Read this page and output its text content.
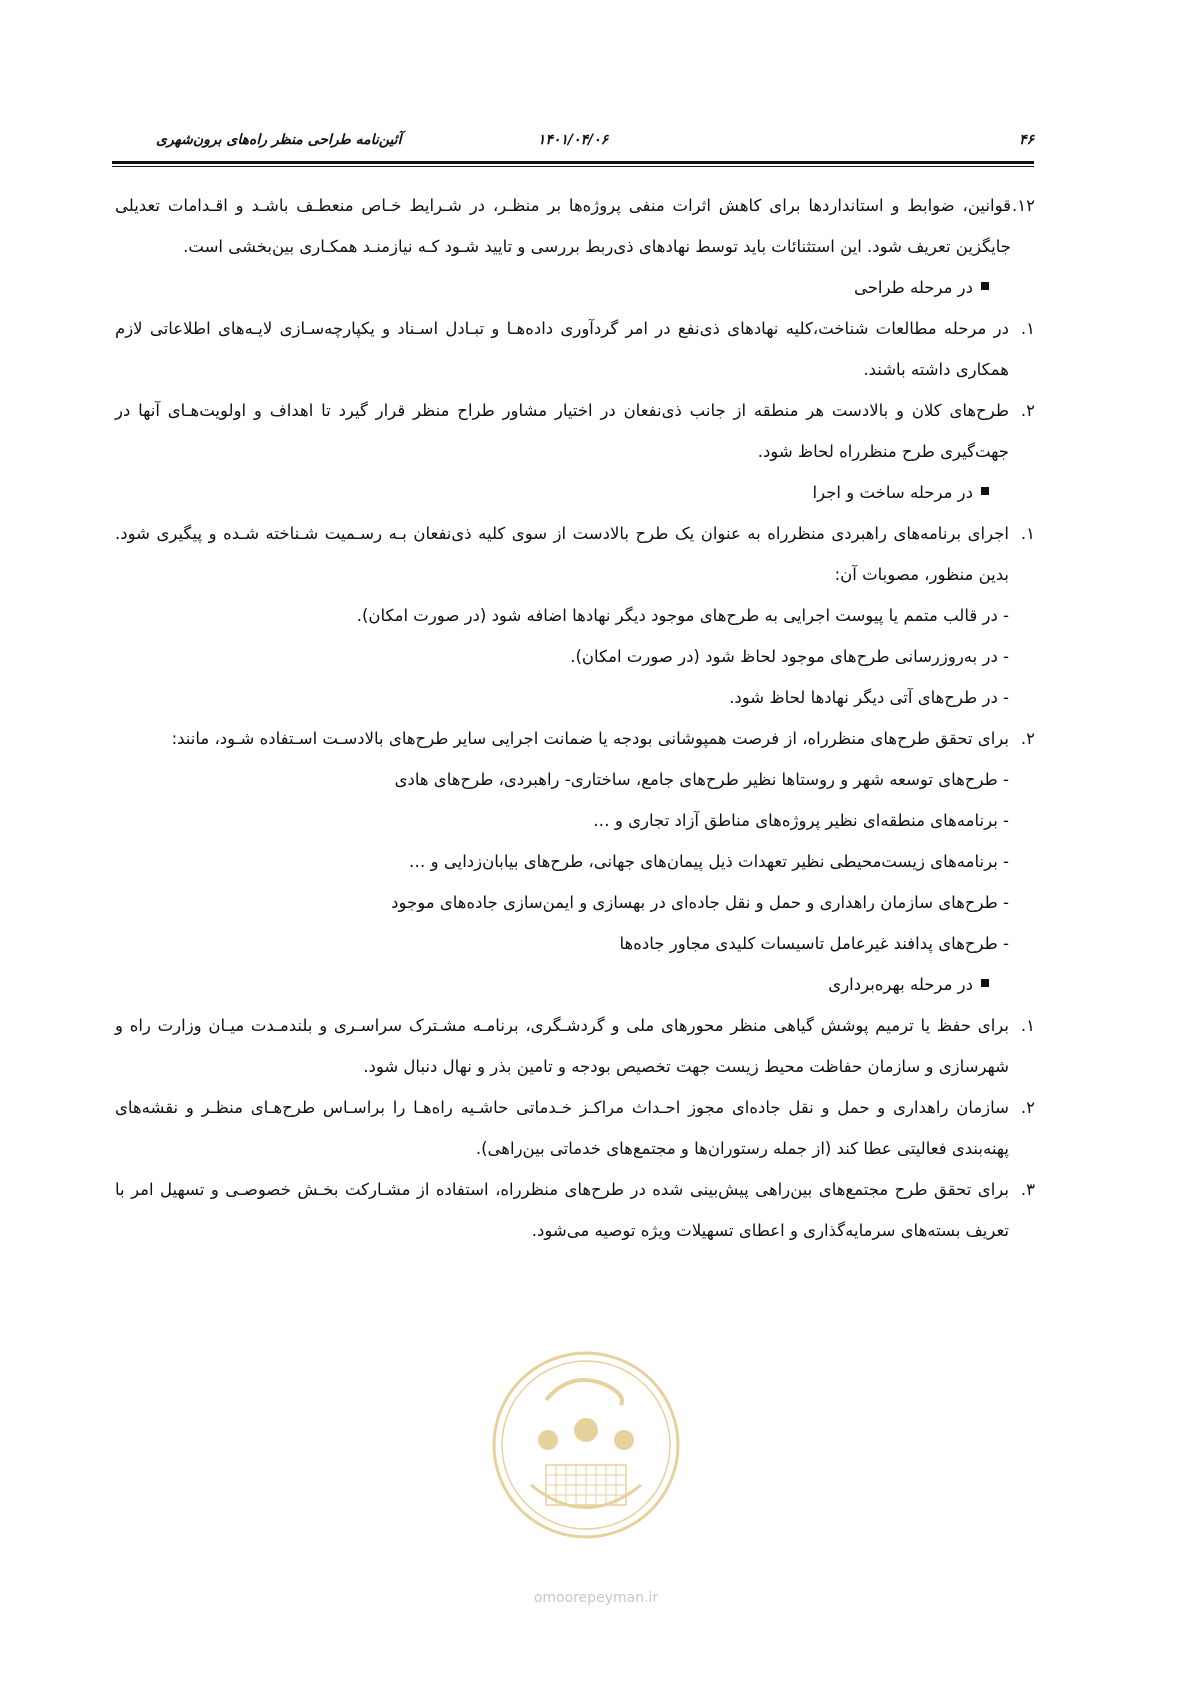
۴۶
۱۴۰۱/۰۴/۰۶
آئین‌نامه طراحی منظر راه‌های برون‌شهری
۱۲.
قوانین، ضوابط و استانداردها برای کاهش اثرات منفی پروژه‌ها بر منظـر، در شـرایط خـاص منعطـف باشـد و اقـدامات تعدیلی جایگزین تعریف شود. این استثنائات باید توسط نهادهای ذی‌ربط بررسی و تایید شـود کـه نیازمنـد همکـاری بین‌بخشی است.
در مرحله طراحی
۱.
در مرحله مطالعات شناخت،کلیه نهادهای ذی‌نفع در امر گردآوری داده‌هـا و تبـادل اسـناد و یکپارچه‌سـازی لایـه‌های اطلاعاتی لازم همکاری داشته باشند.
۲.
طرح‌های کلان و بالادست هر منطقه از جانب ذی‌نفعان در اختیار مشاور طراح منظر قرار گیرد تا اهداف و اولویت‌هـای آنها در جهت‌گیری طرح منظرراه لحاظ شود.
در مرحله ساخت و اجرا
۱.
اجرای برنامه‌های راهبردی منظرراه به عنوان یک طرح بالادست از سوی کلیه ذی‌نفعان بـه رسـمیت شـناخته شـده و پیگیری شود. بدین منظور، مصوبات آن:
- در قالب متمم یا پیوست اجرایی به طرح‌های موجود دیگر نهادها اضافه شود (در صورت امکان).
- در به‌روزرسانی طرح‌های موجود لحاظ شود (در صورت امکان).
- در طرح‌های آتی دیگر نهادها لحاظ شود.
۲.
برای تحقق طرح‌های منظرراه، از فرصت همپوشانی بودجه یا ضمانت اجرایی سایر طرح‌های بالادسـت اسـتفاده شـود، مانند:
- طرح‌های توسعه شهر و روستاها نظیر طرح‌های جامع، ساختاری- راهبردی، طرح‌های هادی
- برنامه‌های منطقه‌ای نظیر پروژه‌های مناطق آزاد تجاری و …
- برنامه‌های زیست‌محیطی نظیر تعهدات ذیل پیمان‌های جهانی، طرح‌های بیابان‌زدایی و …
- طرح‌های سازمان راهداری و حمل و نقل جاده‌ای در بهسازی و ایمن‌سازی جاده‌های موجود
- طرح‌های پدافند غیرعامل تاسیسات کلیدی مجاور جاده‌ها
در مرحله بهره‌برداری
۱.
برای حفظ یا ترمیم پوشش گیاهی منظر محورهای ملی و گردشـگری، برنامـه مشـترک سراسـری و بلندمـدت میـان وزارت راه و شهرسازی و سازمان حفاظت محیط زیست جهت تخصیص بودجه و تامین بذر و نهال دنبال شود.
۲.
سازمان راهداری و حمل و نقل جاده‌ای مجوز احـداث مراکـز خـدماتی حاشـیه راه‌هـا را براسـاس طرح‌هـای منظـر و نقشه‌های پهنه‌بندی فعالیتی عطا کند (از جمله رستوران‌ها و مجتمع‌های خدماتی بین‌راهی).
۳.
برای تحقق طرح مجتمع‌های بین‌راهی پیش‌بینی شده در طرح‌های منظرراه، استفاده از مشـارکت بخـش خصوصـی و تسهیل امر با تعریف بسته‌های سرمایه‌گذاری و اعطای تسهیلات ویژه توصیه می‌شود.
omoorepeyman.ir
